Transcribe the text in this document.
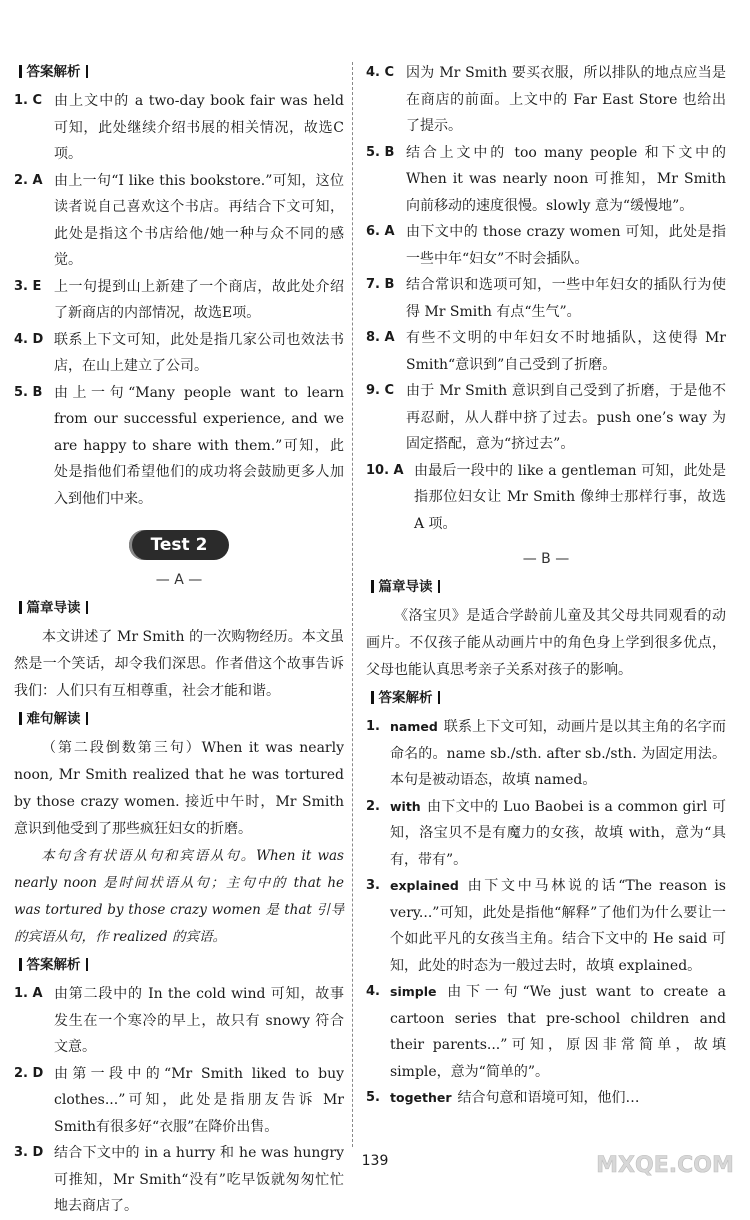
答案解析
1. C 由上文中的 a two-day book fair was held 可知，此处继续介绍书展的相关情况，故选C项。
2. A 由上一句“I like this bookstore.”可知，这位读者说自己喜欢这个书店。再结合下文可知，此处是指这个书店给他/她一种与众不同的感觉。
3. E 上一句提到山上新建了一个商店，故此处介绍了新商店的内部情况，故选E项。
4. D 联系上下文可知，此处是指几家公司也效法书店，在山上建立了公司。
5. B 由上一句“Many people want to learn from our successful experience, and we are happy to share with them.”可知，此处是指他们希望他们的成功将会鼓励更多人加入到他们中来。
Test 2
— A —
篇章导读

本文讲述了 Mr Smith 的一次购物经历。本文虽然是一个笑话，却令我们深思。作者借这个故事告诉我们：人们只有互相尊重，社会才能和谐。

难句解读

（第二段倒数第三句）When it was nearly noon, Mr Smith realized that he was tortured by those crazy women. 接近中午时，Mr Smith 意识到他受到了那些疯狂妇女的折磨。

本句含有状语从句和宾语从句。When it was nearly noon 是时间状语从句；主句中的 that he was tortured by those crazy women 是 that 引导的宾语从句，作 realized 的宾语。

答案解析
1. A 由第二段中的 In the cold wind 可知，故事发生在一个寒冷的早上，故只有 snowy 符合文意。
2. D 由第一段中的“Mr Smith liked to buy clothes...”可知，此处是指朋友告诉 Mr Smith有很多好“衣服”在降价出售。
3. D 结合下文中的 in a hurry 和 he was hungry 可推知，Mr Smith“没有”吃早饭就匆匆忙忙地去商店了。
4. C 因为 Mr Smith 要买衣服，所以排队的地点应当是在商店的前面。上文中的 Far East Store 也给出了提示。
5. B 结合上文中的 too many people 和下文中的 When it was nearly noon 可推知，Mr Smith 向前移动的速度很慢。slowly 意为“缓慢地”。
6. A 由下文中的 those crazy women 可知，此处是指一些中年“妇女”不时会插队。
7. B 结合常识和选项可知，一些中年妇女的插队行为使得 Mr Smith 有点“生气”。
8. A 有些不文明的中年妇女不时地插队，这使得 Mr Smith“意识到”自己受到了折磨。
9. C 由于 Mr Smith 意识到自己受到了折磨，于是他不再忍耐，从人群中挤了过去。push one’s way 为固定搭配，意为“挤过去”。
10. A 由最后一段中的 like a gentleman 可知，此处是指那位妇女让 Mr Smith 像绅士那样行事，故选 A 项。
— B —
篇章导读

《洛宝贝》是适合学龄前儿童及其父母共同观看的动画片。不仅孩子能从动画片中的角色身上学到很多优点，父母也能认真思考亲子关系对孩子的影响。

答案解析
1. named 联系上下文可知，动画片是以其主角的名字而命名的。name sb./sth. after sb./sth. 为固定用法。本句是被动语态，故填 named。
2. with 由下文中的 Luo Baobei is a common girl 可知，洛宝贝不是有魔力的女孩，故填 with，意为“具有，带有”。
3. explained 由下文中马林说的话“The reason is very...”可知，此处是指他“解释”了他们为什么要让一个如此平凡的女孩当主角。结合下文中的 He said 可知，此处的时态为一般过去时，故填 explained。
4. simple 由下一句“We just want to create a cartoon series that pre-school children and their parents...”可知，原因非常简单，故填 simple，意为“简单的”。
5. together 结合句意和语境可知，他们…
139	MXQE.COM
